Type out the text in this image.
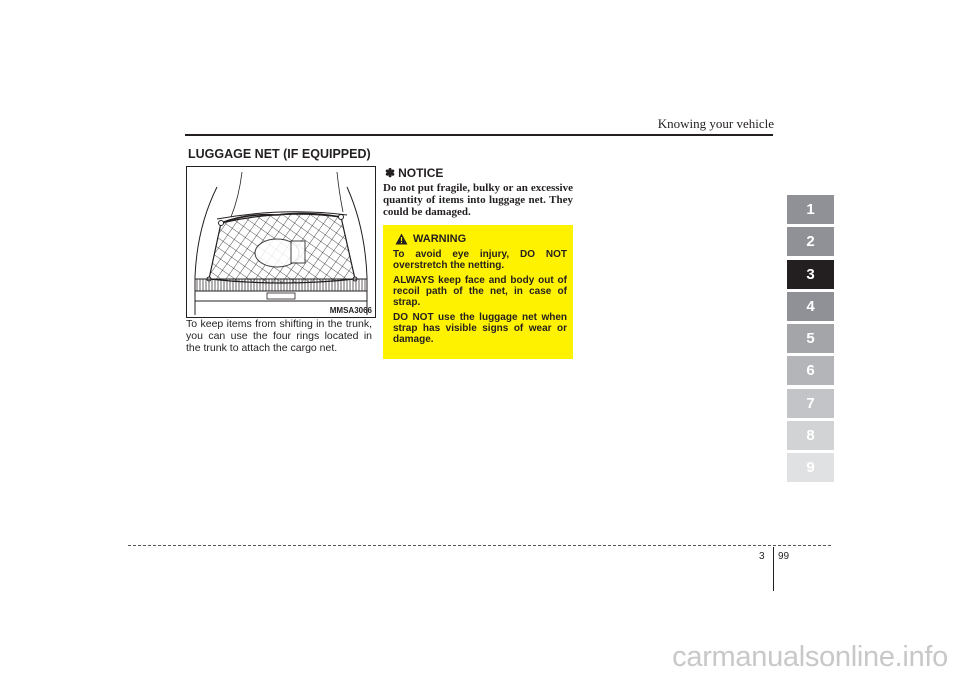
Knowing your vehicle
LUGGAGE NET (IF EQUIPPED)
MMSA3066
To keep items from shifting in the trunk, you can use the four rings located in the trunk to attach the cargo net.
✽ NOTICE
Do not put fragile, bulky or an excessive quantity of items into luggage net. They could be damaged.
WARNING

To avoid eye injury, DO NOT overstretch the netting.

ALWAYS keep face and body out of recoil path of the net, in case of strap.

DO NOT use the luggage net when strap has visible signs of wear or damage.

1
2
3
4
5
6
7
8
9
3 99
carmanualsonline.info
